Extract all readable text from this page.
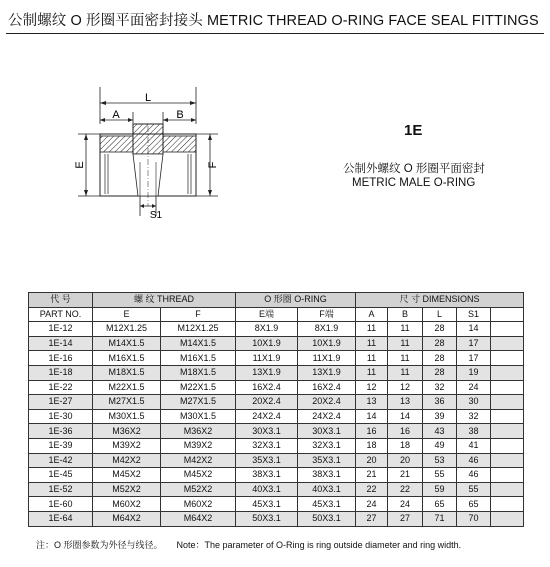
公制螺纹 O 形圈平面密封接头 METRIC THREAD O-RING FACE SEAL FITTINGS
L
A	B
E	F
S1
1E
公制外螺纹 O 形圈平面密封
METRIC MALE O-RING
代 号	螺 纹 THREAD		O 形圈 O-RING		尺 寸 DIMENSIONS				
PART NO.	E	F	E端	F端	A	B	L	S1	
1E-12	M12X1.25	M12X1.25	8X1.9	8X1.9	11	11	28	14	
1E-14	M14X1.5	M14X1.5	10X1.9	10X1.9	11	11	28	17	
1E-16	M16X1.5	M16X1.5	11X1.9	11X1.9	11	11	28	17	
1E-18	M18X1.5	M18X1.5	13X1.9	13X1.9	11	11	28	19	
1E-22	M22X1.5	M22X1.5	16X2.4	16X2.4	12	12	32	24	
1E-27	M27X1.5	M27X1.5	20X2.4	20X2.4	13	13	36	30	
1E-30	M30X1.5	M30X1.5	24X2.4	24X2.4	14	14	39	32	
1E-36	M36X2	M36X2	30X3.1	30X3.1	16	16	43	38	
1E-39	M39X2	M39X2	32X3.1	32X3.1	18	18	49	41	
1E-42	M42X2	M42X2	35X3.1	35X3.1	20	20	53	46	
1E-45	M45X2	M45X2	38X3.1	38X3.1	21	21	55	46	
1E-52	M52X2	M52X2	40X3.1	40X3.1	22	22	59	55	
1E-60	M60X2	M60X2	45X3.1	45X3.1	24	24	65	65	
1E-64	M64X2	M64X2	50X3.1	50X3.1	27	27	71	70	
注：O 形圈参数为外径与线径。 Note：The parameter of O-Ring is ring outside diameter and ring width.
